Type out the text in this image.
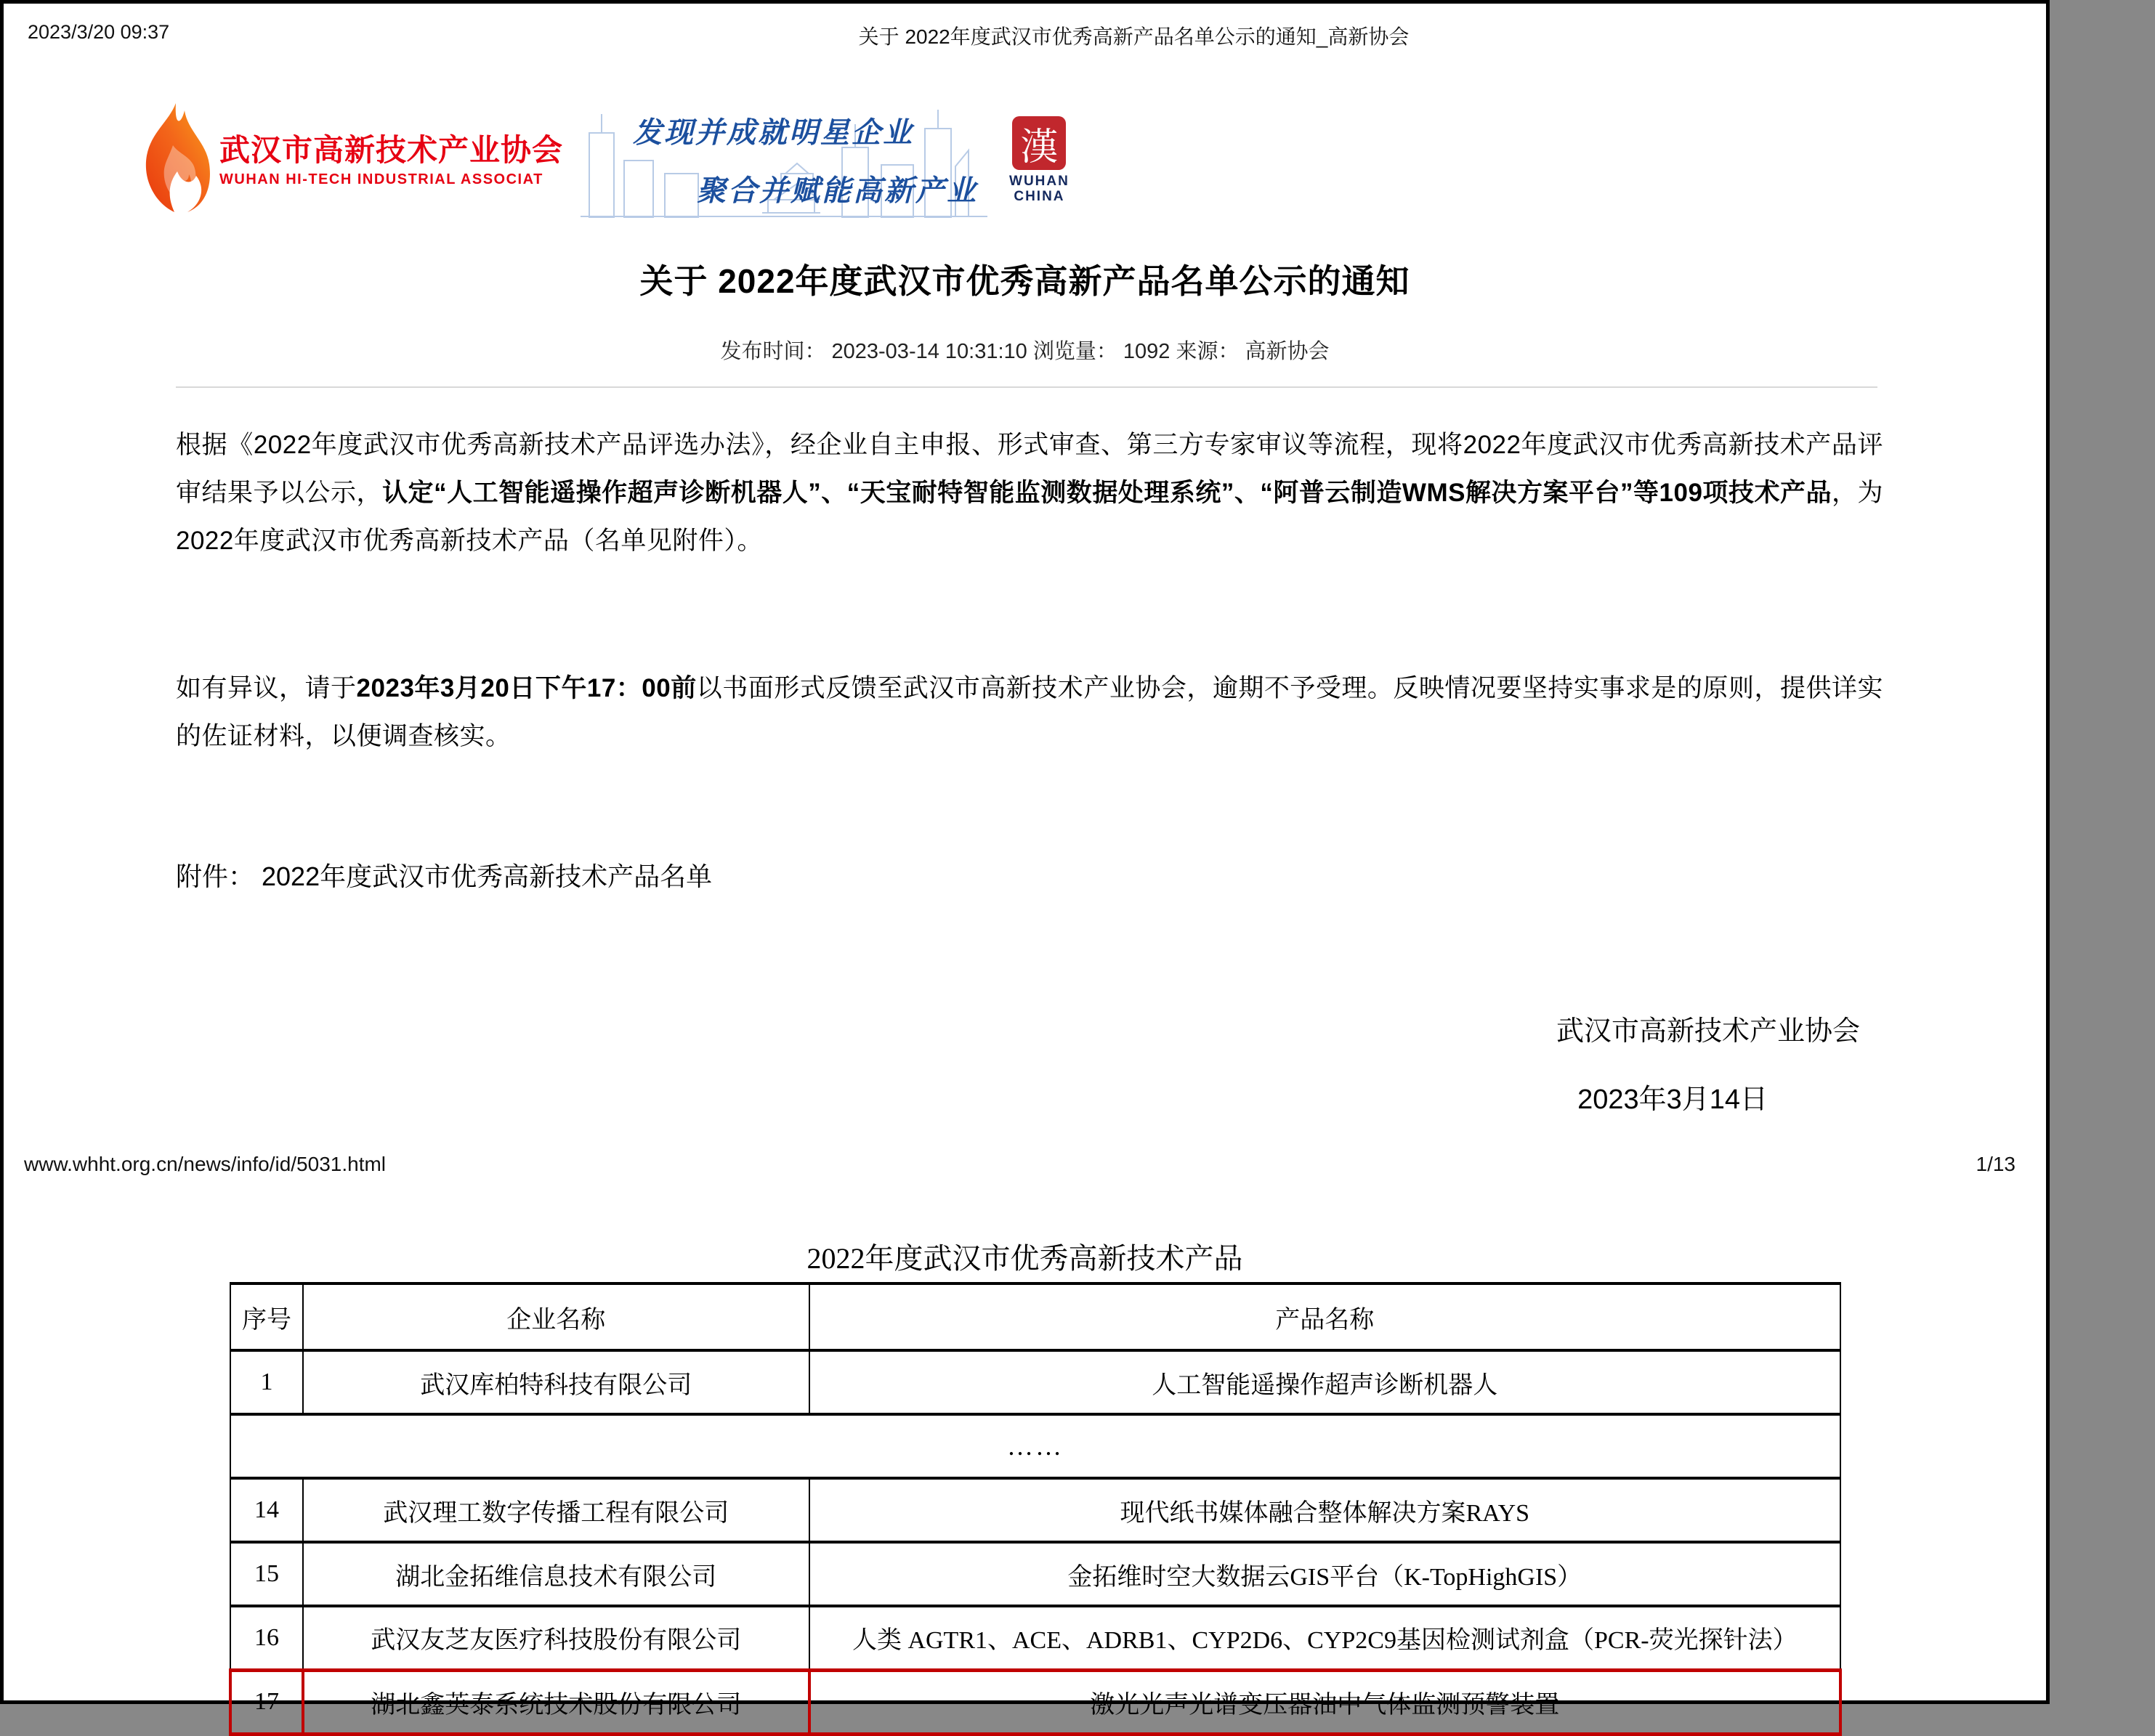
2023/3/20 09:37	关于 2022年度武汉市优秀高新产品名单公示的通知_高新协会
武汉市高新技术产业协会
WUHAN HI-TECH INDUSTRIAL ASSOCIAT
发现并成就明星企业
聚合并赋能高新产业
漢
WUHAN
CHINA
关于 2022年度武汉市优秀高新产品名单公示的通知
发布时间： 2023-03-14 10:31:10 浏览量： 1092 来源： 高新协会

根据《2022年度武汉市优秀高新技术产品评选办法》，经企业自主申报、形式审查、第三方专家审议等流程，现将2022年度武汉市优秀高新技术产品评审结果予以公示，认定“人工智能遥操作超声诊断机器人”、“天宝耐特智能监测数据处理系统”、“阿普云制造WMS解决方案平台”等109项技术产品，为2022年度武汉市优秀高新技术产品（名单见附件）。

如有异议，请于2023年3月20日下午17：00前以书面形式反馈至武汉市高新技术产业协会，逾期不予受理。反映情况要坚持实事求是的原则，提供详实的佐证材料，以便调查核实。

附件： 2022年度武汉市优秀高新技术产品名单
武汉市高新技术产业协会
2023年3月14日
www.whht.org.cn/news/info/id/5031.html	1/13
2022年度武汉市优秀高新技术产品
序号	企业名称	产品名称
1	武汉库柏特科技有限公司	人工智能遥操作超声诊断机器人
……		
14	武汉理工数字传播工程有限公司	现代纸书媒体融合整体解决方案RAYS
15	湖北金拓维信息技术有限公司	金拓维时空大数据云GIS平台（K-TopHighGIS）
16	武汉友芝友医疗科技股份有限公司	人类 AGTR1、ACE、ADRB1、CYP2D6、CYP2C9基因检测试剂盒（PCR-荧光探针法）
17	湖北鑫英泰系统技术股份有限公司	激光光声光谱变压器油中气体监测预警装置
